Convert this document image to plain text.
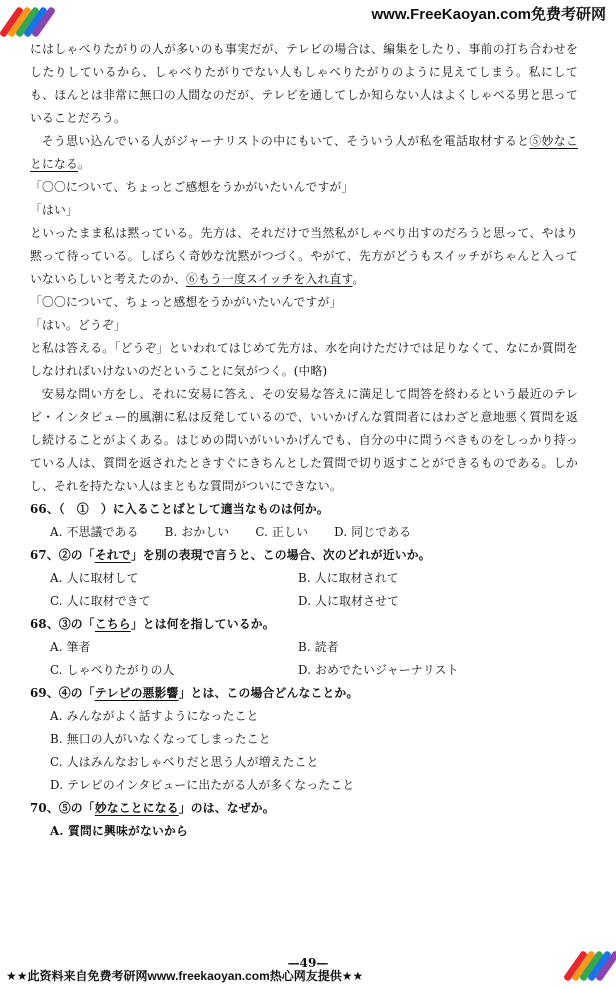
www.FreeKaoyan.com免费考研网

にはしゃべりたがりの人が多いのも事実だが、テレビの場合は、編集をしたり、事前の打ち合わせをしたりしているから、しゃべりたがりでない人もしゃべりたがりのように見えてしまう。私にしても、ほんとは非常に無口の人間なのだが、テレビを通してしか知らない人はよくしゃべる男と思っていることだろう。

そう思い込んでいる人がジャーナリストの中にもいて、そういう人が私を電話取材すると⑤妙なことになる。

「〇〇について、ちょっとご感想をうかがいたいんですが」

「はい」

といったまま私は黙っている。先方は、それだけで当然私がしゃべり出すのだろうと思って、やはり黙って待っている。しばらく奇妙な沈黙がつづく。やがて、先方がどうもスイッチがちゃんと入っていないらしいと考えたのか、⑥もう一度スイッチを入れ直す。

「〇〇について、ちょっと感想をうかがいたいんですが」

「はい。どうぞ」

と私は答える。「どうぞ」といわれてはじめて先方は、水を向けただけでは足りなくて、なにか質問をしなければいけないのだということに気がつく。(中略)

安易な問い方をし、それに安易に答え、その安易な答えに満足して問答を終わるという最近のテレビ・インタビュー的風潮に私は反発しているので、いいかげんな質問者にはわざと意地悪く質問を返し続けることがよくある。はじめの問いがいいかげんでも、自分の中に問うべきものをしっかり持っている人は、質問を返されたときすぐにきちんとした質問で切り返すことができるものである。しかし、それを持たない人はまともな質問がついにできない。

66、（　①　）に入ることばとして適当なものは何か。

A. 不思議である B. おかしい C. 正しい D. 同じである

67、②の「それで」を別の表現で言うと、この場合、次のどれが近いか。

A. 人に取材して	B. 人に取材されて
C. 人に取材できて	D. 人に取材させて

68、③の「こちら」とは何を指しているか。

A. 筆者	B. 読者
C. しゃべりたがりの人	D. おめでたいジャーナリスト

69、④の「テレビの悪影響」とは、この場合どんなことか。

A. みんながよく話すようになったこと

B. 無口の人がいなくなってしまったこと

C. 人はみんなおしゃべりだと思う人が増えたこと

D. テレビのインタビューに出たがる人が多くなったこと

70、⑤の「妙なことになる」のは、なぜか。

A. 質問に興味がないから

—49—
★★此资料来自免费考研网www.freekaoyan.com热心网友提供★★
